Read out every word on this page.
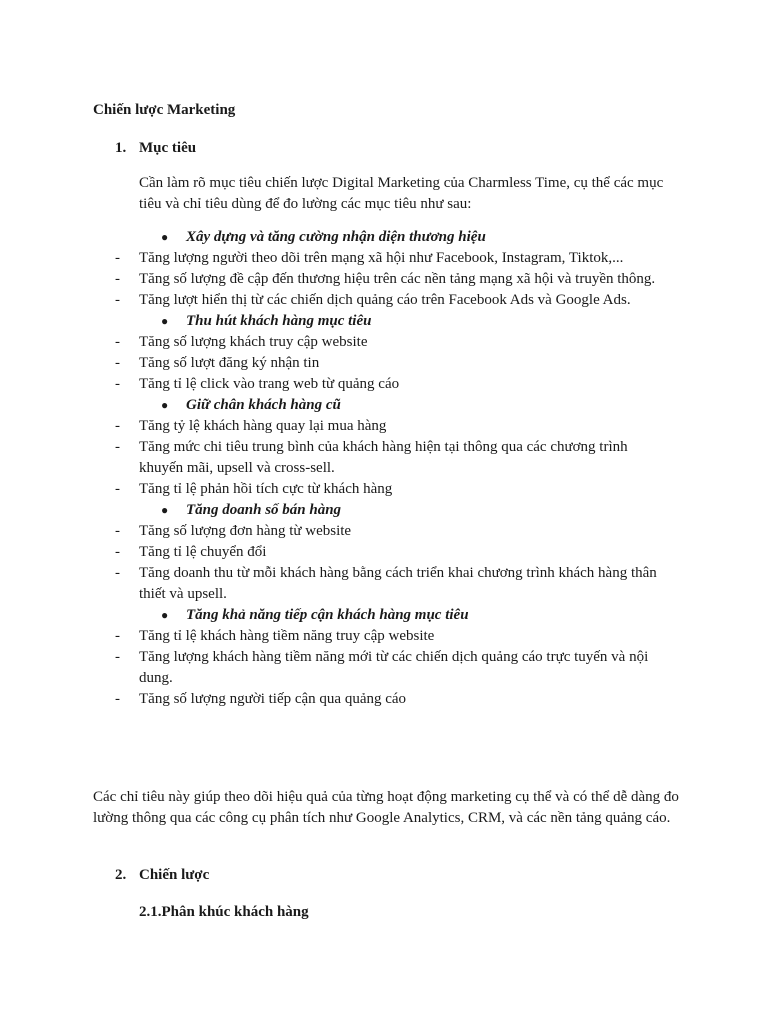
Chiến lược Marketing

1. Mục tiêu

Cần làm rõ mục tiêu chiến lược Digital Marketing của Charmless Time, cụ thể các mục tiêu và chỉ tiêu dùng để đo lường các mục tiêu như sau:

● Xây dựng và tăng cường nhận diện thương hiệu
- Tăng lượng người theo dõi trên mạng xã hội như Facebook, Instagram, Tiktok,...
- Tăng số lượng đề cập đến thương hiệu trên các nền tảng mạng xã hội và truyền thông.
- Tăng lượt hiển thị từ các chiến dịch quảng cáo trên Facebook Ads và Google Ads.
● Thu hút khách hàng mục tiêu
- Tăng số lượng khách truy cập website
- Tăng số lượt đăng ký nhận tin
- Tăng tỉ lệ click vào trang web từ quảng cáo
● Giữ chân khách hàng cũ
- Tăng tỷ lệ khách hàng quay lại mua hàng
- Tăng mức chi tiêu trung bình của khách hàng hiện tại thông qua các chương trình khuyến mãi, upsell và cross-sell.
- Tăng tỉ lệ phản hồi tích cực từ khách hàng
● Tăng doanh số bán hàng
- Tăng số lượng đơn hàng từ website
- Tăng tỉ lệ chuyển đổi
- Tăng doanh thu từ mỗi khách hàng bằng cách triển khai chương trình khách hàng thân thiết và upsell.
● Tăng khả năng tiếp cận khách hàng mục tiêu
- Tăng tỉ lệ khách hàng tiềm năng truy cập website
- Tăng lượng khách hàng tiềm năng mới từ các chiến dịch quảng cáo trực tuyến và nội dung.
- Tăng số lượng người tiếp cận qua quảng cáo

Các chỉ tiêu này giúp theo dõi hiệu quả của từng hoạt động marketing cụ thể và có thể dễ dàng đo lường thông qua các công cụ phân tích như Google Analytics, CRM, và các nền tảng quảng cáo.

2. Chiến lược

2.1.Phân khúc khách hàng
